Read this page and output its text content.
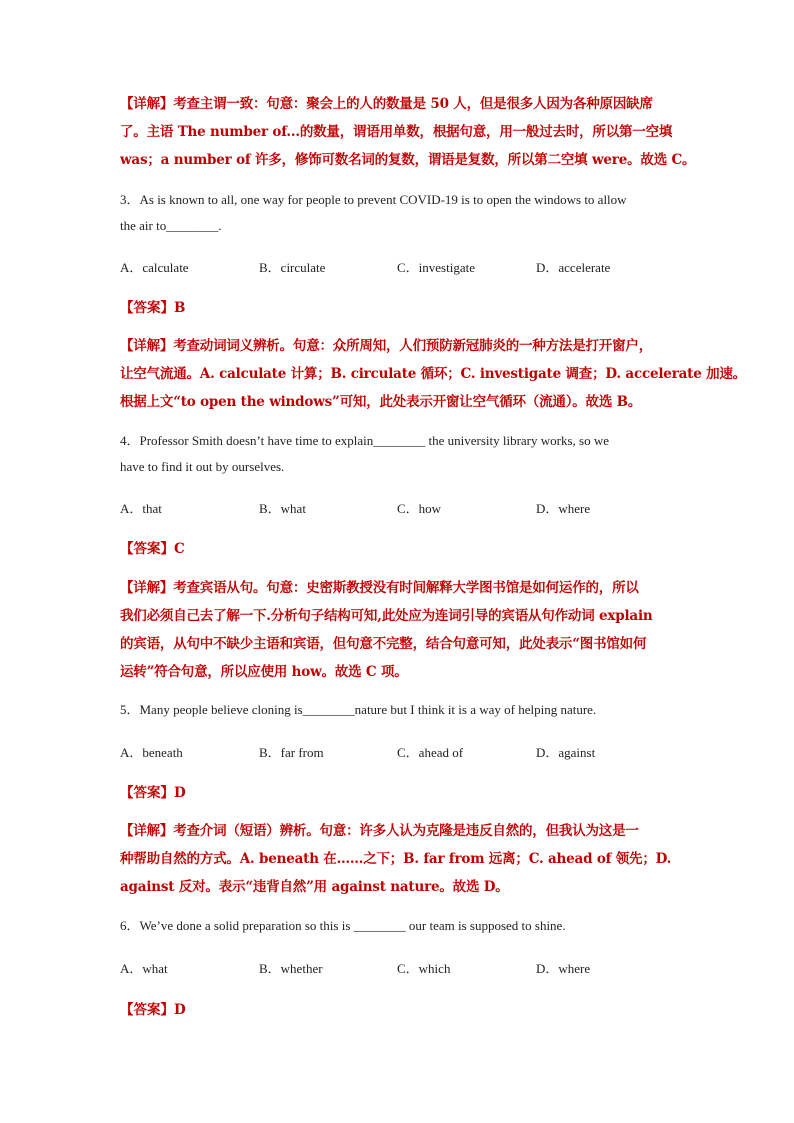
【详解】考查主谓一致：句意：聚会上的人的数量是 50 人，但是很多人因为各种原因缺席
了。主语 The number of...的数量，谓语用单数，根据句意，用一般过去时，所以第一空填
was；a number of 许多，修饰可数名词的复数，谓语是复数，所以第二空填 were。故选 C。
3．As is known to all, one way for people to prevent COVID-19 is to open the windows to allow
the air to________.
A．calculate	B．circulate	C．investigate	D．accelerate
【答案】B
【详解】考查动词词义辨析。句意：众所周知，人们预防新冠肺炎的一种方法是打开窗户，
让空气流通。A. calculate 计算；B. circulate 循环；C. investigate 调查；D. accelerate 加速。
根据上文“to open the windows”可知，此处表示开窗让空气循环（流通）。故选 B。
4．Professor Smith doesn’t have time to explain________ the university library works, so we
have to find it out by ourselves.
A．that	B．what	C．how	D．where
【答案】C
【详解】考查宾语从句。句意：史密斯教授没有时间解释大学图书馆是如何运作的，所以
我们必须自己去了解一下.分析句子结构可知,此处应为连词引导的宾语从句作动词 explain
的宾语，从句中不缺少主语和宾语，但句意不完整，结合句意可知，此处表示“图书馆如何
运转”符合句意，所以应使用 how。故选 C 项。
5．Many people believe cloning is________nature but I think it is a way of helping nature.
A．beneath	B．far from	C．ahead of	D．against
【答案】D
【详解】考查介词（短语）辨析。句意：许多人认为克隆是违反自然的，但我认为这是一
种帮助自然的方式。A. beneath 在……之下；B. far from 远离；C. ahead of 领先；D.
against 反对。表示“违背自然”用 against nature。故选 D。
6．We’ve done a solid preparation so this is ________ our team is supposed to shine.
A．what	B．whether	C．which	D．where
【答案】D
